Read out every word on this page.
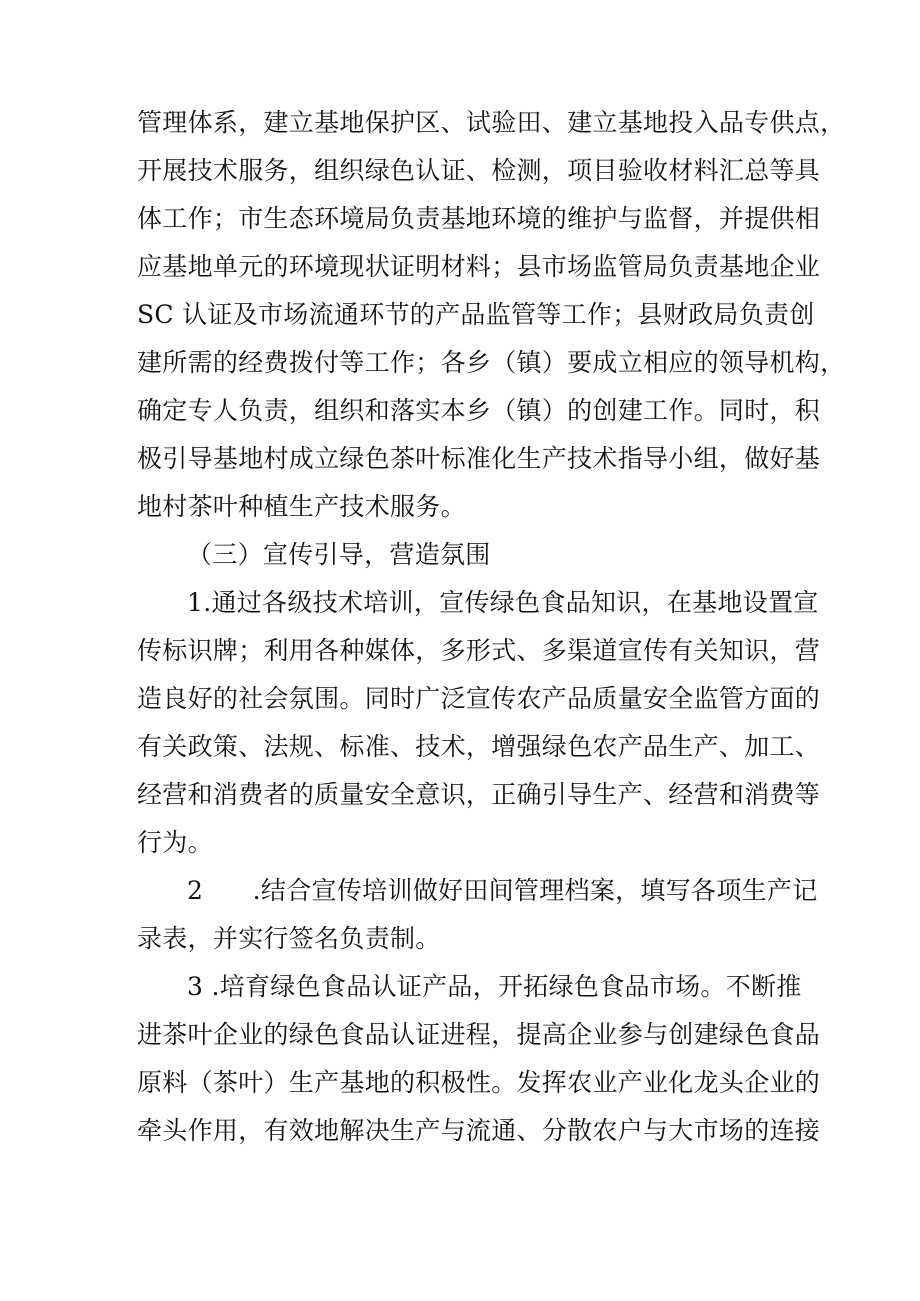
管理体系，建立基地保护区、试验田、建立基地投入品专供点，
开展技术服务，组织绿色认证、检测，项目验收材料汇总等具
体工作；市生态环境局负责基地环境的维护与监督，并提供相
应基地单元的环境现状证明材料；县市场监管局负责基地企业
SC 认证及市场流通环节的产品监管等工作；县财政局负责创
建所需的经费拨付等工作；各乡（镇）要成立相应的领导机构，
确定专人负责，组织和落实本乡（镇）的创建工作。同时，积
极引导基地村成立绿色茶叶标准化生产技术指导小组，做好基
地村茶叶种植生产技术服务。
（三）宣传引导，营造氛围
1.通过各级技术培训，宣传绿色食品知识，在基地设置宣
传标识牌；利用各种媒体，多形式、多渠道宣传有关知识，营
造良好的社会氛围。同时广泛宣传农产品质量安全监管方面的
有关政策、法规、标准、技术，增强绿色农产品生产、加工、
经营和消费者的质量安全意识，正确引导生产、经营和消费等
行为。
2      .结合宣传培训做好田间管理档案，填写各项生产记
录表，并实行签名负责制。
3 .培育绿色食品认证产品，开拓绿色食品市场。不断推
进茶叶企业的绿色食品认证进程，提高企业参与创建绿色食品
原料（茶叶）生产基地的积极性。发挥农业产业化龙头企业的
牵头作用，有效地解决生产与流通、分散农户与大市场的连接
